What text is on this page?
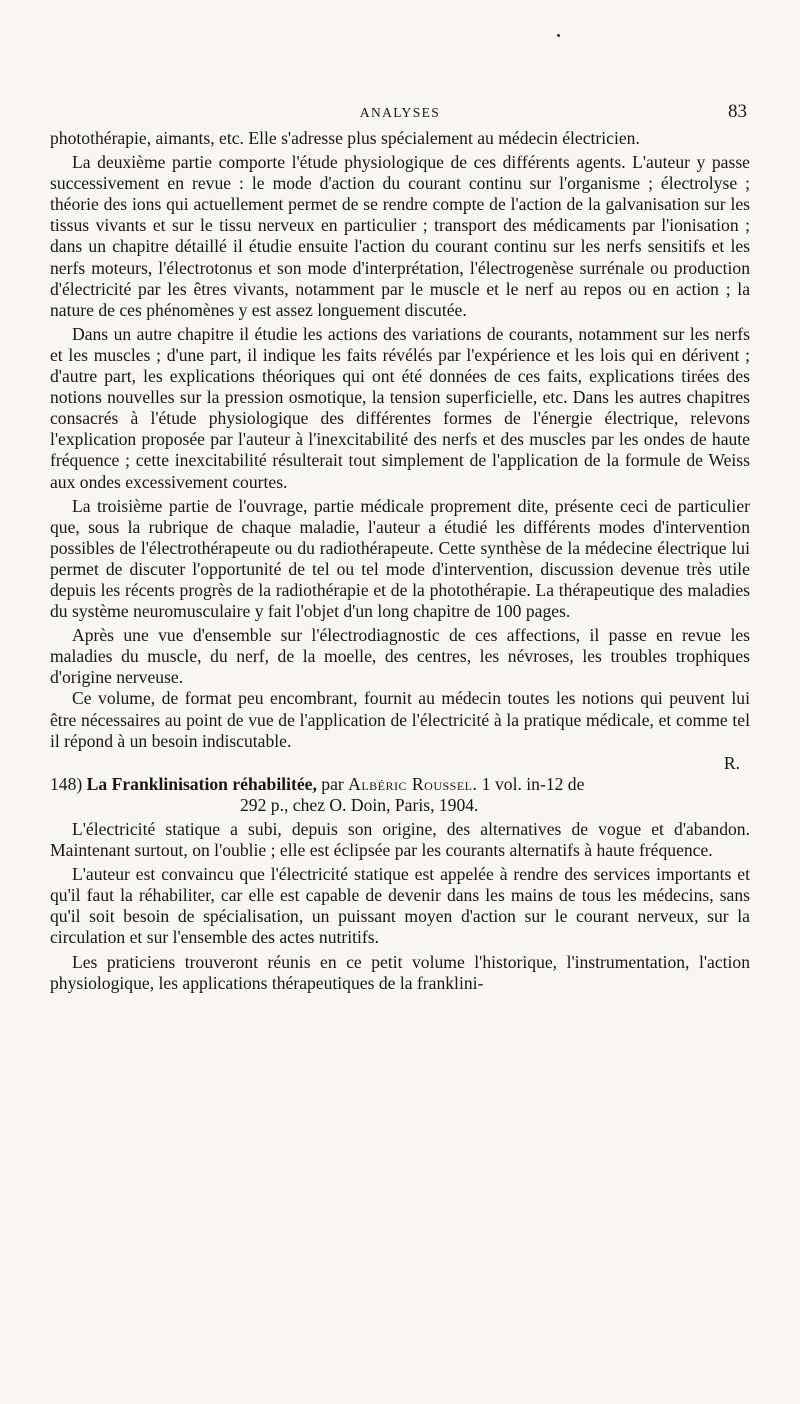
ANALYSES	83

photothérapie, aimants, etc. Elle s'adresse plus spécialement au médecin électricien.

La deuxième partie comporte l'étude physiologique de ces différents agents. L'auteur y passe successivement en revue : le mode d'action du courant continu sur l'organisme ; électrolyse ; théorie des ions qui actuellement permet de se rendre compte de l'action de la galvanisation sur les tissus vivants et sur le tissu nerveux en particulier ; transport des médicaments par l'ionisation ; dans un chapitre détaillé il étudie ensuite l'action du courant continu sur les nerfs sensitifs et les nerfs moteurs, l'électrotonus et son mode d'interprétation, l'électrogenèse surrénale ou production d'électricité par les êtres vivants, notamment par le muscle et le nerf au repos ou en action ; la nature de ces phénomènes y est assez longuement discutée.

Dans un autre chapitre il étudie les actions des variations de courants, notamment sur les nerfs et les muscles ; d'une part, il indique les faits révélés par l'expérience et les lois qui en dérivent ; d'autre part, les explications théoriques qui ont été données de ces faits, explications tirées des notions nouvelles sur la pression osmotique, la tension superficielle, etc. Dans les autres chapitres consacrés à l'étude physiologique des différentes formes de l'énergie électrique, relevons l'explication proposée par l'auteur à l'inexcitabilité des nerfs et des muscles par les ondes de haute fréquence ; cette inexcitabilité résulterait tout simplement de l'application de la formule de Weiss aux ondes excessivement courtes.

La troisième partie de l'ouvrage, partie médicale proprement dite, présente ceci de particulier que, sous la rubrique de chaque maladie, l'auteur a étudié les différents modes d'intervention possibles de l'électrothérapeute ou du radiothérapeute. Cette synthèse de la médecine électrique lui permet de discuter l'opportunité de tel ou tel mode d'intervention, discussion devenue très utile depuis les récents progrès de la radiothérapie et de la photothérapie. La thérapeutique des maladies du système neuromusculaire y fait l'objet d'un long chapitre de 100 pages.

Après une vue d'ensemble sur l'électrodiagnostic de ces affections, il passe en revue les maladies du muscle, du nerf, de la moelle, des centres, les névroses, les troubles trophiques d'origine nerveuse.

Ce volume, de format peu encombrant, fournit au médecin toutes les notions qui peuvent lui être nécessaires au point de vue de l'application de l'électricité à la pratique médicale, et comme tel il répond à un besoin indiscutable.

R.

148) La Franklinisation réhabilitée, par Albéric Roussel. 1 vol. in-12 de
292 p., chez O. Doin, Paris, 1904.

L'électricité statique a subi, depuis son origine, des alternatives de vogue et d'abandon. Maintenant surtout, on l'oublie ; elle est éclipsée par les courants alternatifs à haute fréquence.

L'auteur est convaincu que l'électricité statique est appelée à rendre des services importants et qu'il faut la réhabiliter, car elle est capable de devenir dans les mains de tous les médecins, sans qu'il soit besoin de spécialisation, un puissant moyen d'action sur le courant nerveux, sur la circulation et sur l'ensemble des actes nutritifs.

Les praticiens trouveront réunis en ce petit volume l'historique, l'instrumentation, l'action physiologique, les applications thérapeutiques de la franklini-
